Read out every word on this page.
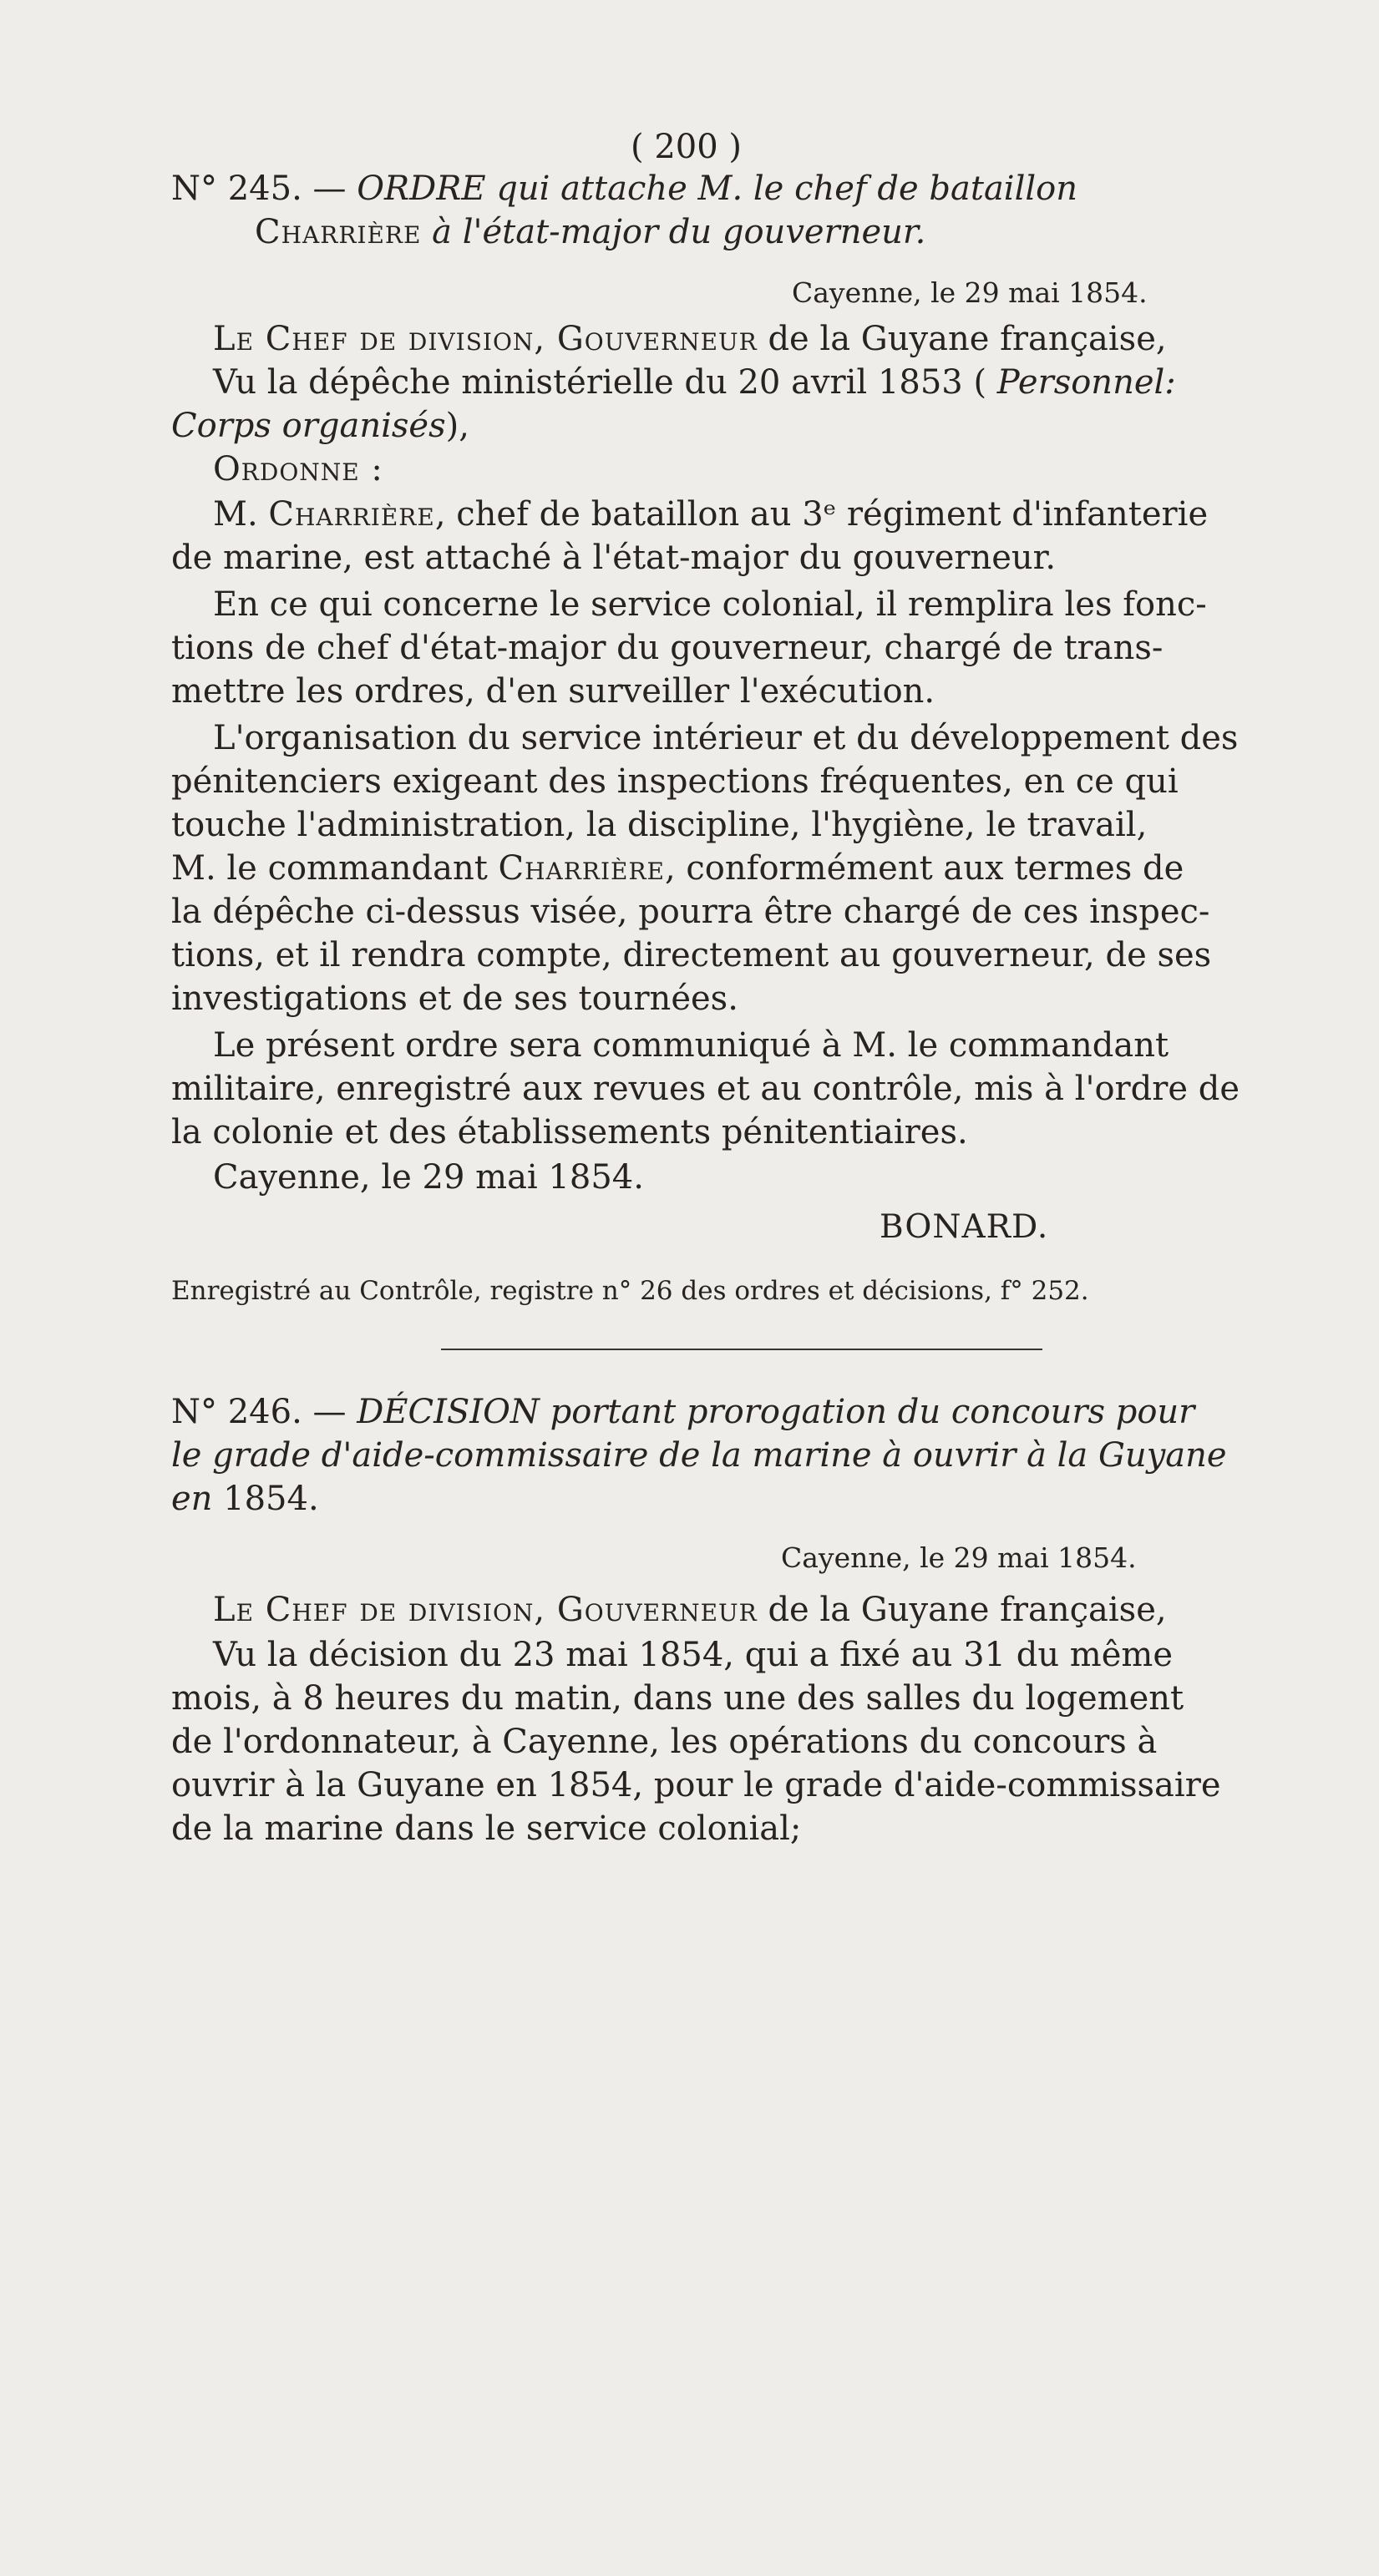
( 200 )
N° 245. — ORDRE qui attache M. le chef de bataillon
Charrière à l'état-major du gouverneur.
Cayenne, le 29 mai 1854.
Le Chef de division, Gouverneur de la Guyane française,
Vu la dépêche ministérielle du 20 avril 1853 ( Personnel:
Corps organisés),
Ordonne :
M. Charrière, chef de bataillon au 3ᵉ régiment d'infanterie
de marine, est attaché à l'état-major du gouverneur.
En ce qui concerne le service colonial, il remplira les fonc-
tions de chef d'état-major du gouverneur, chargé de trans-
mettre les ordres, d'en surveiller l'exécution.
L'organisation du service intérieur et du développement des
pénitenciers exigeant des inspections fréquentes, en ce qui
touche l'administration, la discipline, l'hygiène, le travail,
M. le commandant Charrière, conformément aux termes de
la dépêche ci-dessus visée, pourra être chargé de ces inspec-
tions, et il rendra compte, directement au gouverneur, de ses
investigations et de ses tournées.
Le présent ordre sera communiqué à M. le commandant
militaire, enregistré aux revues et au contrôle, mis à l'ordre de
la colonie et des établissements pénitentiaires.
Cayenne, le 29 mai 1854.
BONARD.
Enregistré au Contrôle, registre n° 26 des ordres et décisions, f° 252.
N° 246. — DÉCISION portant prorogation du concours pour
le grade d'aide-commissaire de la marine à ouvrir à la Guyane
en 1854.
Cayenne, le 29 mai 1854.
Le Chef de division, Gouverneur de la Guyane française,
Vu la décision du 23 mai 1854, qui a fixé au 31 du même
mois, à 8 heures du matin, dans une des salles du logement
de l'ordonnateur, à Cayenne, les opérations du concours à
ouvrir à la Guyane en 1854, pour le grade d'aide-commissaire
de la marine dans le service colonial;
